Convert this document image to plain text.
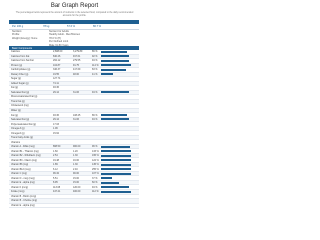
Bar Graph Report
The percentages below represent the amount of nutrients in the selected food, compared to the daily recommended amounts for the profile.
Per 100 g	78 kg	57.6 %	86.7 %
Nutrition:	Nutrient for Adults
Profile:	Healthy Adult - Men/Women
Weight (Energy): None	78.0 % (H)
Per Defined Limit
Basic Components
Calories	2,808.00	3,279.89	86 %
Calories from Fat	840.26	917.61	92 %
Calories from Sat Fat	262.12	279.55	94 %
Protein (g)	104.87	91.75	114 %
Carbohydrates (g)	346.37	417.69	83 %
Dietary Fiber (g)	19.55	48.00	41 %
Sugar (g)	127.74
Added Sugar (g)	74.11
Fat (g)	93.36
Saturated Fat (g)	29.12	31.06	94 %
Monounsaturated Fat (g)
Trans Fat (g)
Cholesterol (mg)
Water (g)
Fat (g)	93.36	108.25	86 %
Saturated Fat (g)	29.12	31.06	94 %
Polyunsaturated Fat (g)	17.03
Omega-3 (g)	1.06
Omega-6 (g)	15.62
Trans Fatty Acids (g)
Vitamins
Vitamin A - RAE (mcg)	868.50	900.00	96 %
Vitamin B1 - Thiamin (mg)	1.60	1.20	133 %
Vitamin B2 - Riboflavin (mg)	2.54	1.30	195 %
Vitamin B3 - Niacin (mg)	19.48	16.00	122 %
Vitamin B6 (mg)	1.89	1.30	145 %
Vitamin B12 (mcg)	6.12	2.40	255 %
Vitamin C (mg)	96.32	90.00	107 %
Vitamin D - mcg (mcg)	5.51	15.00	37 %
Vitamin E - alpha (mg)	8.95	15.00	60 %
Vitamin K (mcg)	113.08	120.00	94 %
Folate (mcg)	447.21	400.00	112 %
Vitamin B - Biotin (mcg)
Vitamin B - Choline (mg)
Vitamin E - alpha (mg)
